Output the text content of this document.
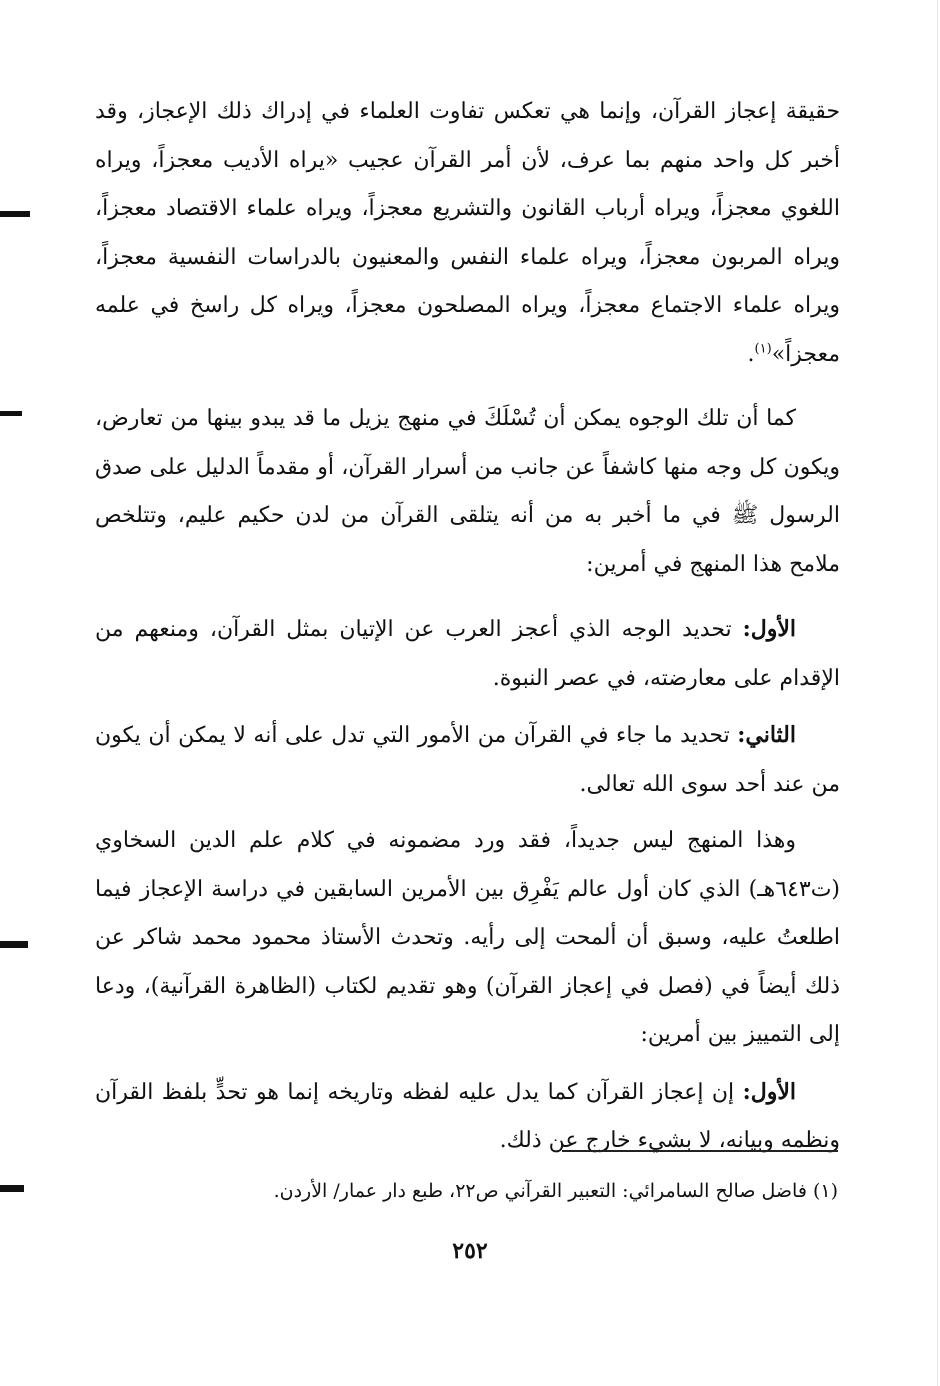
حقيقة إعجاز القرآن، وإنما هي تعكس تفاوت العلماء في إدراك ذلك الإعجاز، وقد أخبر كل واحد منهم بما عرف، لأن أمر القرآن عجيب «يراه الأديب معجزاً، ويراه اللغوي معجزاً، ويراه أرباب القانون والتشريع معجزاً، ويراه علماء الاقتصاد معجزاً، ويراه المربون معجزاً، ويراه علماء النفس والمعنيون بالدراسات النفسية معجزاً، ويراه علماء الاجتماع معجزاً، ويراه المصلحون معجزاً، ويراه كل راسخ في علمه معجزاً»$^{(١)}$.

كما أن تلك الوجوه يمكن أن تُسْلَكَ في منهج يزيل ما قد يبدو بينها من تعارض، ويكون كل وجه منها كاشفاً عن جانب من أسرار القرآن، أو مقدماً الدليل على صدق الرسول ﷺ في ما أخبر به من أنه يتلقى القرآن من لدن حكيم عليم، وتتلخص ملامح هذا المنهج في أمرين:

الأول: تحديد الوجه الذي أعجز العرب عن الإتيان بمثل القرآن، ومنعهم من الإقدام على معارضته، في عصر النبوة.

الثاني: تحديد ما جاء في القرآن من الأمور التي تدل على أنه لا يمكن أن يكون من عند أحد سوى الله تعالى.

وهذا المنهج ليس جديداً، فقد ورد مضمونه في كلام علم الدين السخاوي (ت٦٤٣هـ) الذي كان أول عالم يَفْرِق بين الأمرين السابقين في دراسة الإعجاز فيما اطلعتُ عليه، وسبق أن ألمحت إلى رأيه. وتحدث الأستاذ محمود محمد شاكر عن ذلك أيضاً في (فصل في إعجاز القرآن) وهو تقديم لكتاب (الظاهرة القرآنية)، ودعا إلى التمييز بين أمرين:

الأول: إن إعجاز القرآن كما يدل عليه لفظه وتاريخه إنما هو تحدٍّ بلفظ القرآن ونظمه وبيانه، لا بشيء خارج عن ذلك.

(١) فاضل صالح السامرائي: التعبير القرآني ص٢٢، طبع دار عمار/ الأردن.
٢٥٢
